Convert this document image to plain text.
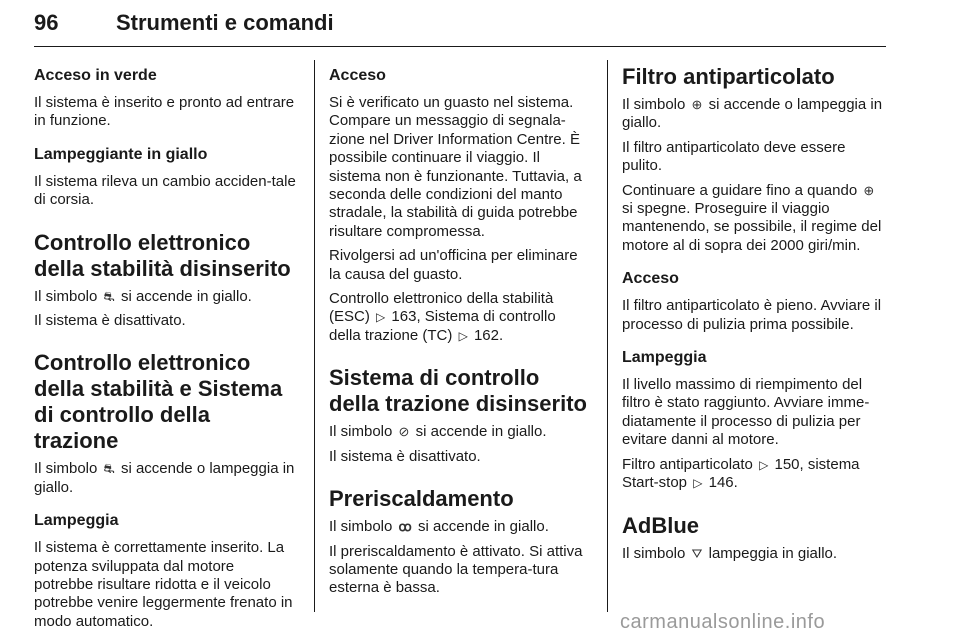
96	Strumenti e comandi
Acceso in verde
Il sistema è inserito e pronto ad entrare in funzione.
Lampeggiante in giallo
Il sistema rileva un cambio acciden-tale di corsia.
Controllo elettronico della stabilità disinserito
Il simbolo ⛐ si accende in giallo.
Il sistema è disattivato.
Controllo elettronico della stabilità e Sistema di controllo della trazione
Il simbolo ⛐ si accende o lampeggia in giallo.
Lampeggia
Il sistema è correttamente inserito. La potenza sviluppata dal motore potrebbe risultare ridotta e il veicolo potrebbe venire leggermente frenato in modo automatico.
Acceso
Si è verificato un guasto nel sistema. Compare un messaggio di segnala-zione nel Driver Information Centre. È possibile continuare il viaggio. Il sistema non è funzionante. Tuttavia, a seconda delle condizioni del manto stradale, la stabilità di guida potrebbe risultare compromessa.
Rivolgersi ad un'officina per eliminare la causa del guasto.
Controllo elettronico della stabilità (ESC) ▷ 163, Sistema di controllo della trazione (TC) ▷ 162.
Sistema di controllo della trazione disinserito
Il simbolo ⊘ si accende in giallo.
Il sistema è disattivato.
Preriscaldamento
Il simbolo ꝏ si accende in giallo.
Il preriscaldamento è attivato. Si attiva solamente quando la tempera-tura esterna è bassa.
Filtro antiparticolato
Il simbolo ⊕ si accende o lampeggia in giallo.
Il filtro antiparticolato deve essere pulito.
Continuare a guidare fino a quando ⊕ si spegne. Proseguire il viaggio mantenendo, se possibile, il regime del motore al di sopra dei 2000 giri/min.
Acceso
Il filtro antiparticolato è pieno. Avviare il processo di pulizia prima possibile.
Lampeggia
Il livello massimo di riempimento del filtro è stato raggiunto. Avviare imme-diatamente il processo di pulizia per evitare danni al motore.
Filtro antiparticolato ▷ 150, sistema Start-stop ▷ 146.
AdBlue
Il simbolo ⛛ lampeggia in giallo.
carmanualsonline.info
